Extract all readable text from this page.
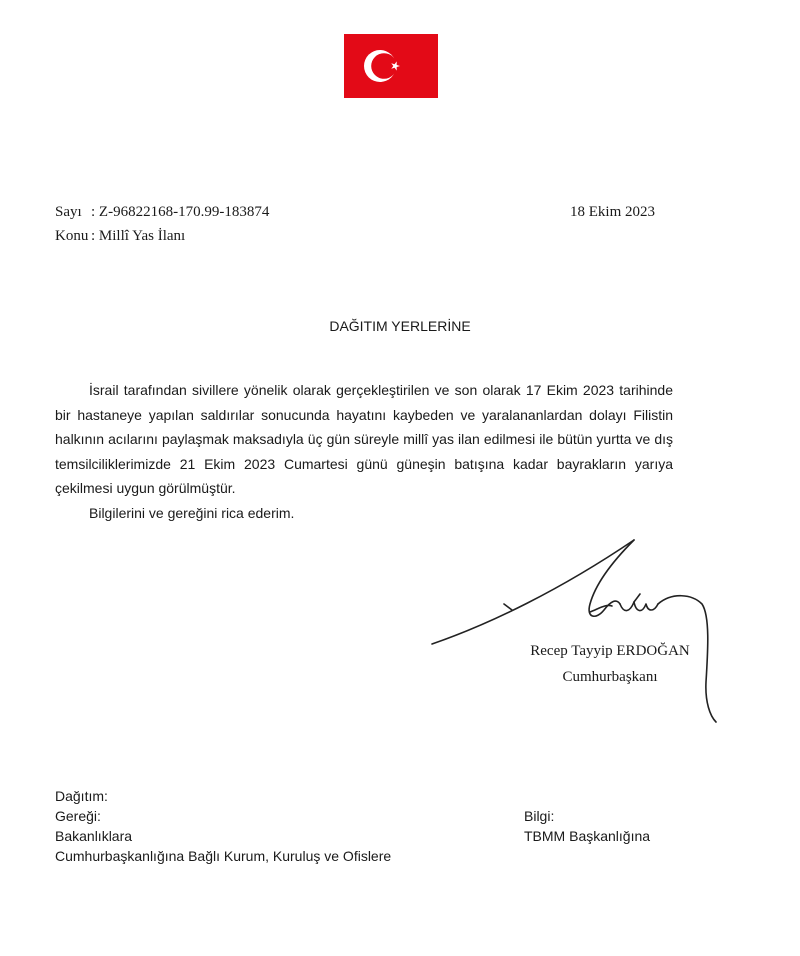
Sayı : Z-96822168-170.99-183874
Konu : Millî Yas İlanı
18 Ekim 2023
DAĞITIM YERLERİNE

İsrail tarafından sivillere yönelik olarak gerçekleştirilen ve son olarak 17 Ekim 2023 tarihinde bir hastaneye yapılan saldırılar sonucunda hayatını kaybeden ve yaralananlardan dolayı Filistin halkının acılarını paylaşmak maksadıyla üç gün süreyle millî yas ilan edilmesi ile bütün yurtta ve dış temsilciliklerimizde 21 Ekim 2023 Cumartesi günü güneşin batışına kadar bayrakların yarıya çekilmesi uygun görülmüştür.

Bilgilerini ve gereğini rica ederim.

Recep Tayyip ERDOĞAN
Cumhurbaşkanı
Dağıtım:
Gereği:
Bakanlıklara
Cumhurbaşkanlığına Bağlı Kurum, Kuruluş ve Ofislere
Bilgi:
TBMM Başkanlığına
